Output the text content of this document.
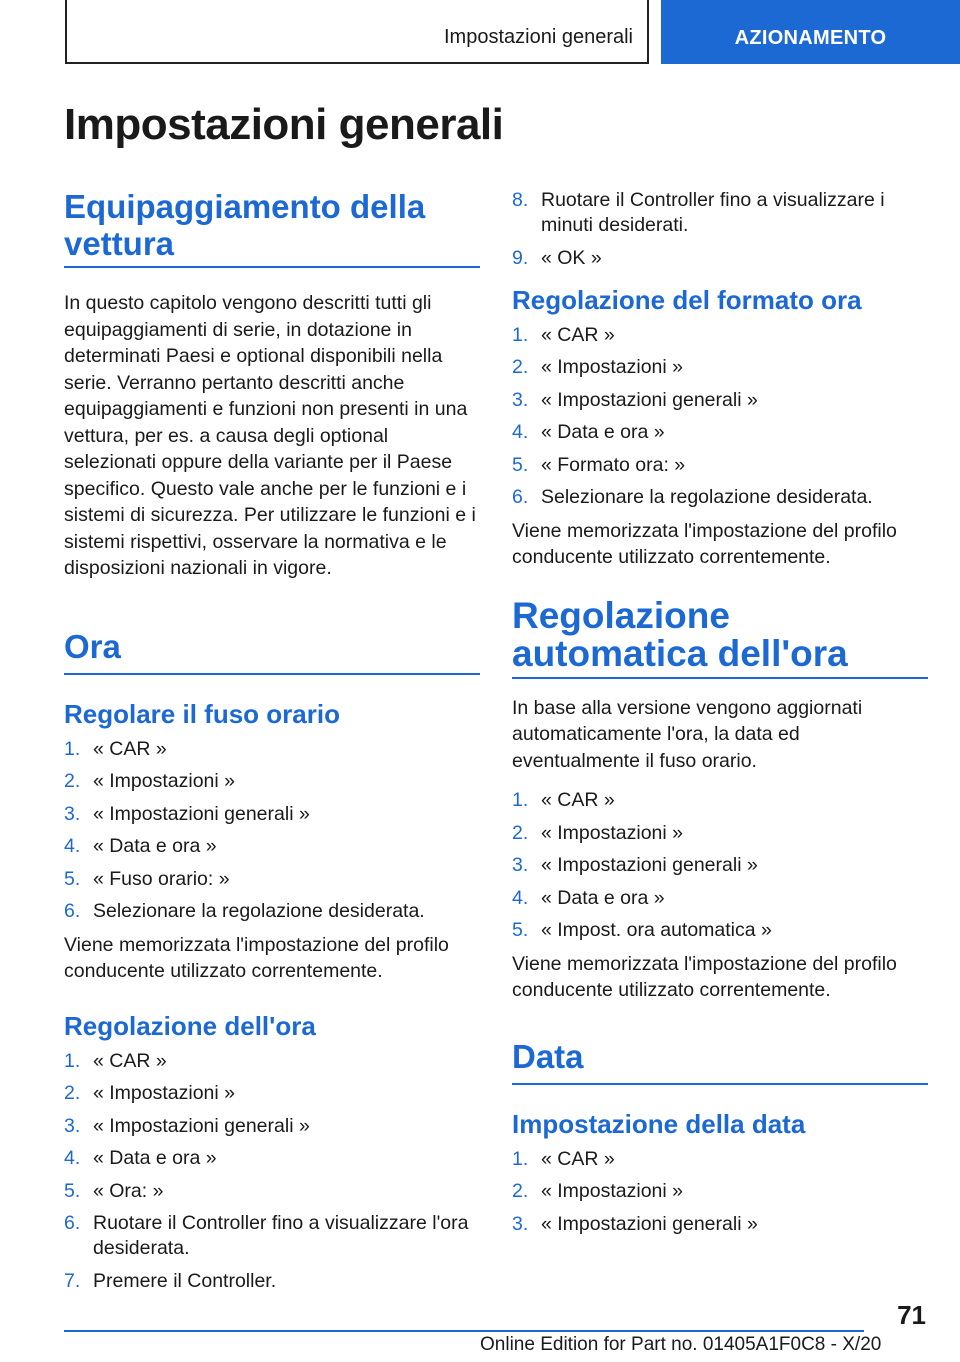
Impostazioni generali	AZIONAMENTO
Impostazioni generali
Equipaggiamento della vettura

In questo capitolo vengono descritti tutti gli equipaggiamenti di serie, in dotazione in determinati Paesi e optional disponibili nella serie. Verranno pertanto descritti anche equipaggiamenti e funzioni non presenti in una vettura, per es. a causa degli optional selezionati oppure della variante per il Paese specifico. Questo vale anche per le funzioni e i sistemi di sicurezza. Per utilizzare le funzioni e i sistemi rispettivi, osservare la normativa e le disposizioni nazionali in vigore.

Ora
Regolare il fuso orario
1. « CAR »
2. « Impostazioni »
3. « Impostazioni generali »
4. « Data e ora »
5. « Fuso orario: »
6. Selezionare la regolazione desiderata.

Viene memorizzata l'impostazione del profilo conducente utilizzato correntemente.

Regolazione dell'ora
1. « CAR »
2. « Impostazioni »
3. « Impostazioni generali »
4. « Data e ora »
5. « Ora: »
6. Ruotare il Controller fino a visualizzare l'ora desiderata.
7. Premere il Controller.
8. Ruotare il Controller fino a visualizzare i minuti desiderati.
9. « OK »
Regolazione del formato ora
1. « CAR »
2. « Impostazioni »
3. « Impostazioni generali »
4. « Data e ora »
5. « Formato ora: »
6. Selezionare la regolazione desiderata.

Viene memorizzata l'impostazione del profilo conducente utilizzato correntemente.

Regolazione automatica dell'ora

In base alla versione vengono aggiornati automaticamente l'ora, la data ed eventualmente il fuso orario.

1. « CAR »
2. « Impostazioni »
3. « Impostazioni generali »
4. « Data e ora »
5. « Impost. ora automatica »

Viene memorizzata l'impostazione del profilo conducente utilizzato correntemente.

Data
Impostazione della data
1. « CAR »
2. « Impostazioni »
3. « Impostazioni generali »
71
Online Edition for Part no. 01405A1F0C8 - X/20
